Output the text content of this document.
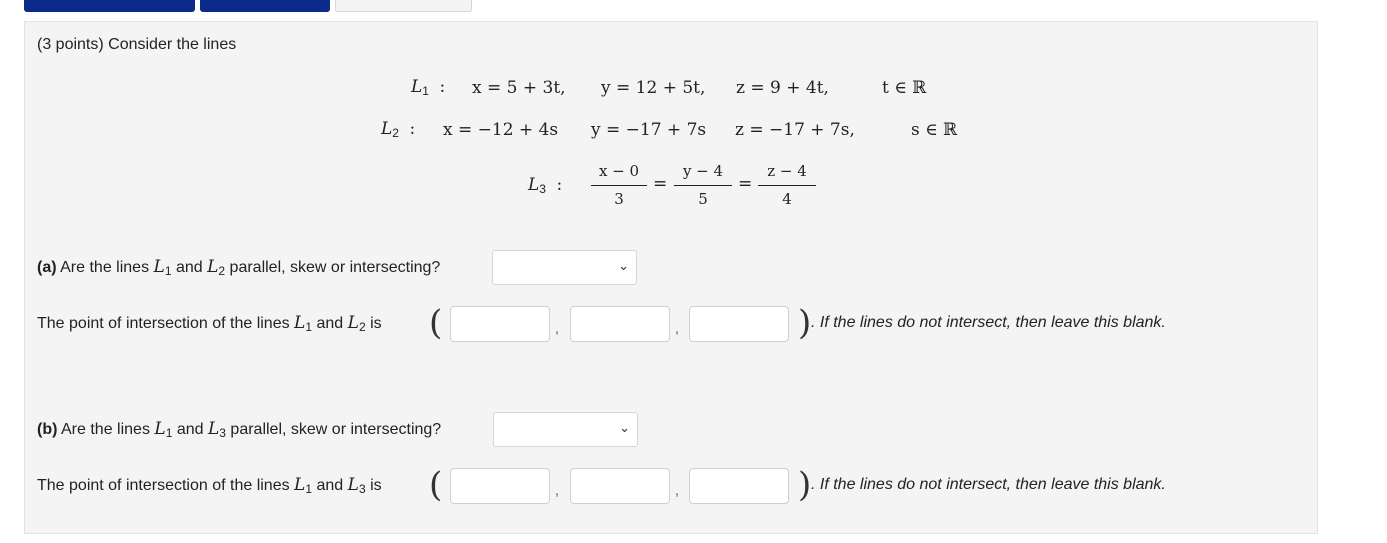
(3 points) Consider the lines
$L_1$ : x = 5 + 3t, y = 12 + 5t, z = 9 + 4t,	t ∈ ℝ
$L_2$ : x = −12 + 4s y = −17 + 7s z = −17 + 7s,	s ∈ ℝ
$L_3$ :
x − 0
3
=
y − 4
5
=
z − 4
4
(a) Are the lines $L_1$ and $L_2$ parallel, skew or intersecting?	⌄
The point of intersection of the lines $L_1$ and $L_2$ is (	,	,	) . If the lines do not intersect, then leave this blank.
(b) Are the lines $L_1$ and $L_3$ parallel, skew or intersecting?	⌄
The point of intersection of the lines $L_1$ and $L_3$ is (	,	,	) . If the lines do not intersect, then leave this blank.
